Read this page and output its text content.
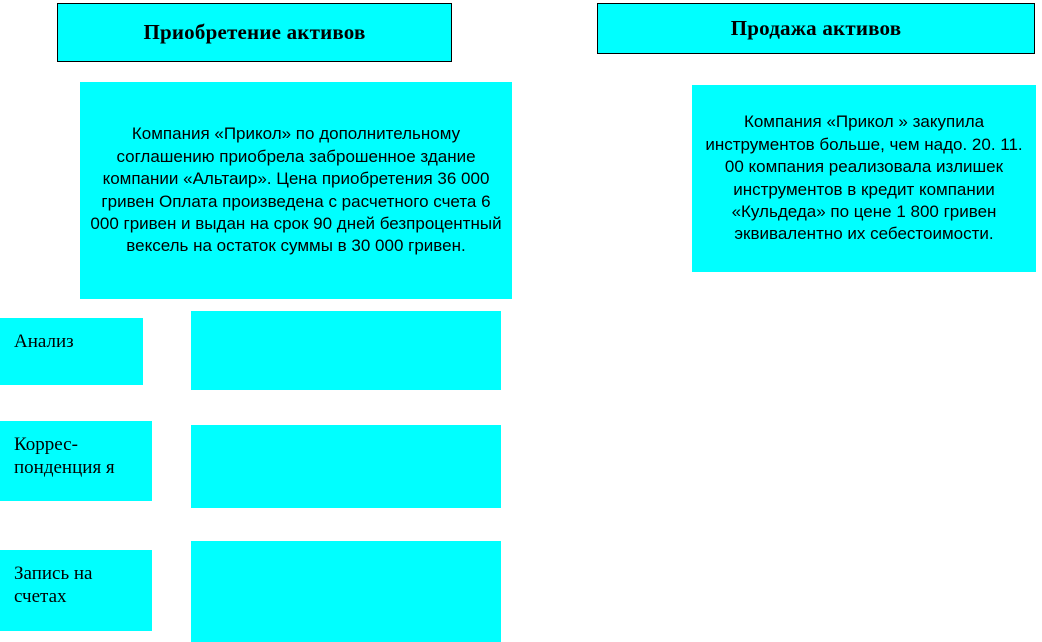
Приобретение активов	Продажа активов
Компания «Прикол» по дополнительному соглашению приобрела заброшенное здание компании «Альтаир». Цена приобретения 36 000 гривен Оплата произведена с расчетного счета 6 000 гривен и выдан на срок 90 дней безпроцентный вексель на остаток суммы в 30 000 гривен.
Компания «Прикол » закупила инструментов больше, чем надо. 20. 11. 00 компания реализовала излишек инструментов в кредит компании «Кульдеда» по цене 1 800 гривен эквивалентно их себестоимости.
Анализ
Коррес-понденция я
Запись на счетах
